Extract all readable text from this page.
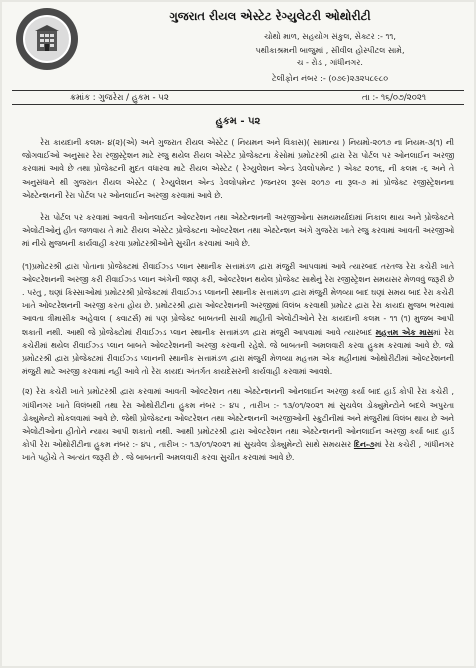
ગુજરાત રીયલ એસ્ટેટ રેગ્યુલેટરી ઓથોરીટી
ચોથો માળ, સહયોગ સંકુલ, સેક્ટર :- ૧૧,
પથીકાશ્રમની બાજુમાં , સીવીલ હોસ્પીટલ સામે,
ચ - રોડ , ગાંધીનગર.
ટેલીફોન નંબર :- (૦૭૯)૨૩૨૫૮૯૮૦
ક્રમાંક : ગુજરેરા / હુકમ - ૫૨	તા :- ૧૬/૦૭/૨૦૨૧
હુકમ - ૫૨

રેરા કાયદાની કલમ- ૪(૨)(એ) અને ગુજરાત રીયલ એસ્ટેટ ( નિયમન અને વિકાસ)( સામાન્ય ) નિયમો-૨૦૧૭ ના નિયમ-૩(૧) ની જોગવાઈઓ અનુસાર રેરા રજીસ્ટ્રેશન માટે રજુ થયેલ રીયલ એસ્ટેટ પ્રોજેક્ટના કેસોમાં પ્રમોટરશ્રી દ્વારા રેરા પોર્ટલ પર ઓનલાઈન અરજી કરવામાં આવે છે તથા પ્રોજેક્ટની મુદત વધારવા માટે રીયલ એસ્ટેટ ( રેગ્યુલેશન એન્ડ ડેવલોપમેન્ટ ) એક્ટ ૨૦૧૬, ની કલમ -૬ અને તે અનુસંધાને થી ગુજરાત રીયલ એસ્ટેટ ( રેગ્યુલેશન એન્ડ ડેવલોપમેન્ટ )જનરલ રૂલ્સ ૨૦૧૭ ના રૂલ-૭ માં પ્રોજેક્ટ રજીસ્ટ્રેશનના એક્ષ્ટેન્શનની રેરા પોર્ટલ પર ઓનલાઈન અરજી કરવામાં આવે છે.

રેરા પોર્ટલ પર કરવામાં આવતી ઓનલાઈન ઓલ્ટરેશન તથા એક્ષ્ટેન્શનની અરજીઓના સમયમર્યાદામાં નિકાલ થાય અને પ્રોજેક્ટને એલોટીઓનું હીત જળવાય તે માટે રીયલ એસ્ટેટ પ્રોજેક્ટના ઓલ્ટરેશન તથા એક્ષ્ટેન્શન અંગે ગુજરેરા ખાતે રજુ કરવામાં આવતી અરજીઓ માં નીચે મુજબની કાર્યવાહી કરવા પ્રમોટરશ્રીઓને સુચીત કરવામાં આવે છે.

(૧)પ્રમોટરશ્રી દ્વારા પોતાના પ્રોજેક્ટમાં રીવાઈઝ્ડ પ્લાન સ્થાનીક સત્તામંડળ દ્વારા મંજુરી આપવામાં આવે ત્યારબાદ તરતજ રેરા કચેરી ખાતે ઓલ્ટરેશનની અરજી કરી રીવાઈઝ્ડ પ્લાન અંગેની જાણ કરી, ઓલ્ટરેશન થયેલ પ્રોજેક્ટ સાથેનું રેરા રજીસ્ટ્રેશન સમયસર મેળવવું જરૂરી છે . પરંતુ , ઘણાં કિસ્સાઓમાં પ્રમોટરશ્રી પ્રોજેક્ટમાં રીવાઈઝ્ડ પ્લાનની સ્થાનીક સત્તામંડળ દ્વારા મંજુરી મેળવ્યા બાદ ઘણાં સમય બાદ રેરા કચેરી ખાતે ઓલ્ટરેશનની અરજી કરતા હોય છે. પ્રમોટરશ્રી દ્વારા ઓલ્ટરેશનની અરજીમાં વિલંબ કરવાથી પ્રમોટર દ્વારા રેરા કાયદા મુજબ ભરવામાં આવતા ત્રીમાસીક અહેવાલ ( ક્વાટર્સ) માં પણ પ્રોજેક્ટ બાબતની સાચી માહીતી એલોટીઓને રેરા કાયદાની કલમ - ૧૧ (૧) મુજબ આપી શકાતી નથી. આથી જે પ્રોજેક્ટોમાં રીવાઈઝ્ડ પ્લાન સ્થાનીક સત્તામંડળ દ્વારા મંજુરી આપવામાં આવે ત્યારબાદ મહત્તમ એક માસમાં રેરા કચેરીમાં થયેલ રીવાઈઝ્ડ પ્લાન બાબતે ઓલ્ટરેશનની અરજી કરવાની રહેશે. જે બાબતની અમલવારી કરવા હુકમ કરવામાં આવે છે. જો પ્રમોટરશ્રી દ્વારા પ્રોજેક્ટમાં રીવાઈઝ્ડ પ્લાનની સ્થાનીક સત્તામંડળ દ્વારા મંજુરી મેળવ્યા મહત્તમ એક મહીનામાં ઓથોરીટીમાં ઓલ્ટરેશનની મંજુરી માટે અરજી કરવામાં નહી આવે તો રેરા કાયદા અંતર્ગત કાયદેસરની કાર્યવાહી કરવામાં આવશે.

(૨) રેરા કચેરી ખાતે પ્રમોટરશ્રી દ્વારા કરવામાં આવતી ઓલ્ટરેશન તથા એક્ષ્ટેન્શનની ઓનલાઈન અરજી કર્યા બાદ હાર્ડ કોપી રેરા કચેરી , ગાંધીનગર ખાતે વિલંબથી તથા રેરા ઓથોરીટીના હુકમ નંબર :- ૪૫ , તારીખ :- ૧૩/૦૧/૨૦૨૧ માં સુચવેલ ડોક્યુમેન્ટોને બદલે અપુરતા ડોક્યુમેન્ટો મોકલવામાં આવે છે. જેથી પ્રોજેક્ટના ઓલ્ટરેશન તથા એક્ષ્ટેન્શનની અરજીઓની સ્ક્રુટીનીમાં અને મંજુરીમાં વિલંબ થાય છે અને એલોટીઓના હીતોને ન્યાય આપી શકાતો નથી. આથી પ્રમોટરશ્રી દ્વારા ઓલ્ટરેશન તથા એક્ષ્ટેન્શનની ઓનલાઈન અરજી કર્યા બાદ હાર્ડ કોપી રેરા ઓથોરીટીના હુકમ નંબર :- ૪૫ , તારીખ :- ૧૩/૦૧/૨૦૨૧ માં સુચવેલ ડોક્યુમેન્ટો સાથે સમયસર દિન-૭માં રેરા કચેરી , ગાંધીનગર ખાતે પહોંચે તે અત્યંત જરૂરી છે . જે બાબતની અમલવારી કરવા સુચીત કરવામાં આવે છે.
